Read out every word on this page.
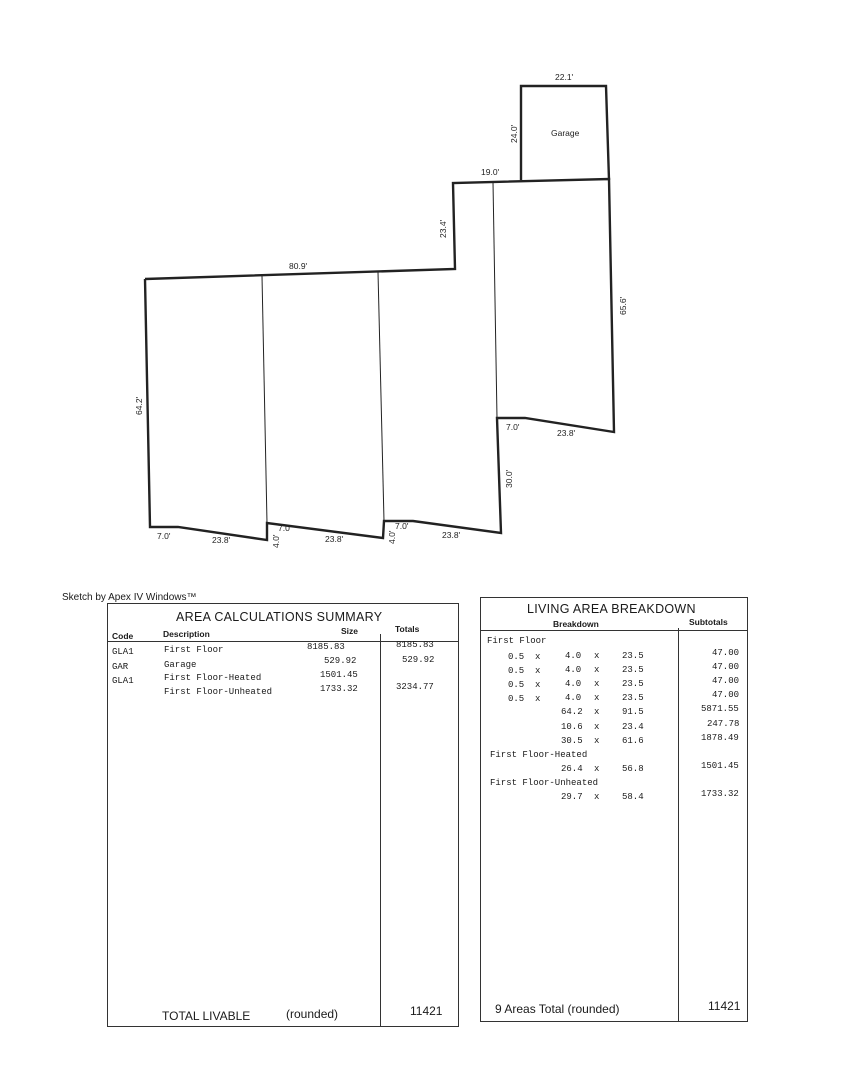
22.1'
24.0'	Garage
19.0'
23.4'
80.9'
65.6'
64.2'
7.0'
23.8'
30.0'
7.0'	23.8'	4.0'
7.0'
23.8'	4.0'
7.0'
23.8'
Sketch by Apex IV Windows™
AREA CALCULATIONS SUMMARY
Code	Description	Size	Totals
GLA1	First Floor	8185.83	8185.83
GAR	Garage	529.92	529.92
GLA1	First Floor-Heated	1501.45
First Floor-Unheated	1733.32	3234.77
TOTAL LIVABLE	(rounded)	11421
LIVING AREA BREAKDOWN
Breakdown	Subtotals
First Floor
0.5 x	4.0 x	23.5	47.00
0.5 x	4.0 x	23.5	47.00
0.5 x	4.0 x	23.5	47.00
0.5 x	4.0 x	23.5	47.00
64.2 x	91.5	5871.55
10.6 x	23.4	247.78
30.5 x	61.6	1878.49
First Floor-Heated
26.4 x	56.8	1501.45
First Floor-Unheated
29.7 x	58.4	1733.32
9 Areas Total (rounded)	11421
